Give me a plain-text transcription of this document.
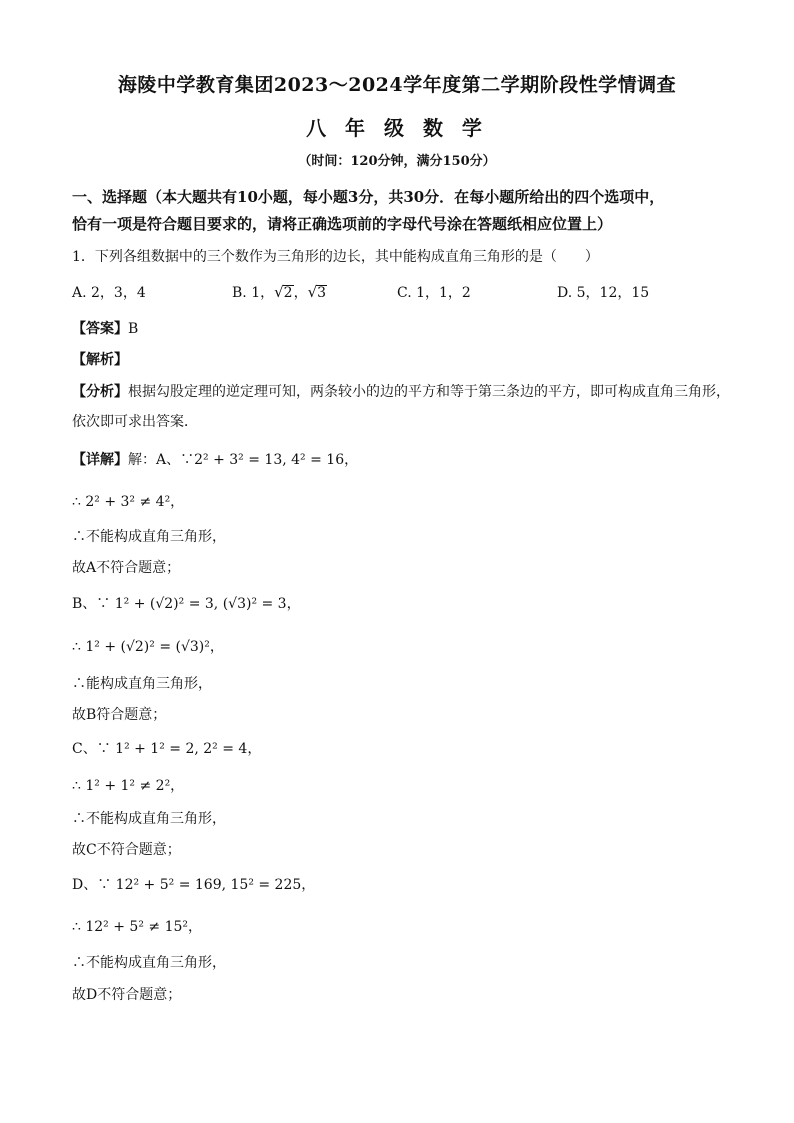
海陵中学教育集团2023～2024学年度第二学期阶段性学情调查
八 年 级 数 学
（时间：120分钟，满分150分）
一、选择题（本大题共有10小题，每小题3分，共30分．在每小题所给出的四个选项中，
恰有一项是符合题目要求的，请将正确选项前的字母代号涂在答题纸相应位置上）
1．下列各组数据中的三个数作为三角形的边长，其中能构成直角三角形的是（　　）
A. 2，3，4	B. 1，√2，√3	C. 1，1，2	D. 5，12，15
【答案】B
【解析】
【分析】根据勾股定理的逆定理可知，两条较小的边的平方和等于第三条边的平方，即可构成直角三角形，
依次即可求出答案．
【详解】解：A、∵2² + 3² = 13, 4² = 16，
∴ 2² + 3² ≠ 4²，
∴不能构成直角三角形，
故A不符合题意；
B、∵ 1² + (√2)² = 3, (√3)² = 3，
∴ 1² + (√2)² = (√3)²，
∴能构成直角三角形，
故B符合题意；
C、∵ 1² + 1² = 2, 2² = 4，
∴ 1² + 1² ≠ 2²，
∴不能构成直角三角形，
故C不符合题意；
D、∵ 12² + 5² = 169, 15² = 225，
∴ 12² + 5² ≠ 15²，
∴不能构成直角三角形，
故D不符合题意；
